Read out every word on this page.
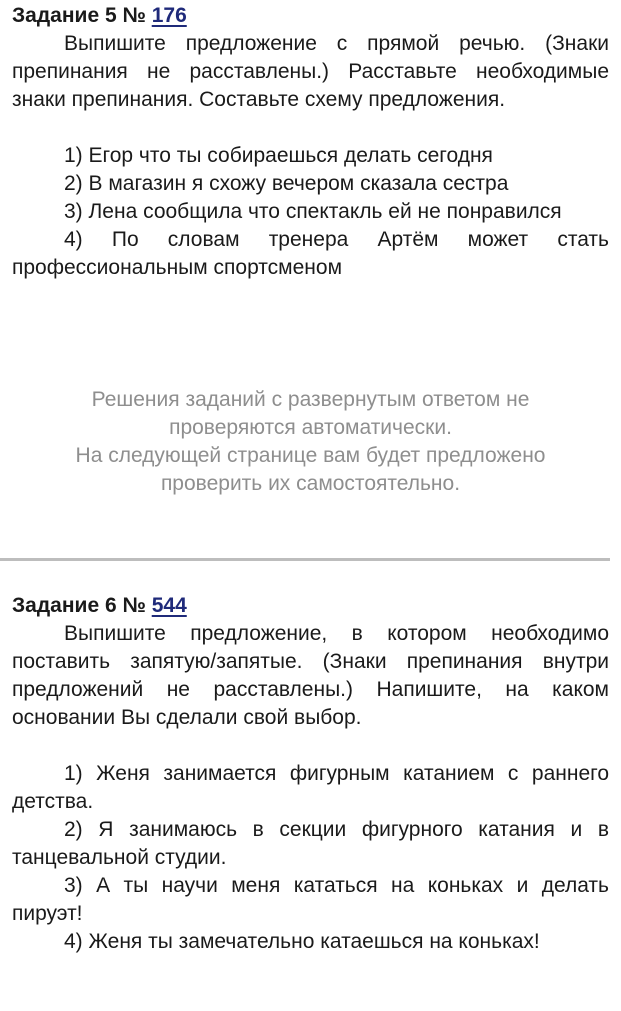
Задание 5 № 176

Выпишите предложение с прямой речью. (Знаки препинания не расставлены.) Расставьте необходимые знаки препинания. Составьте схему предложения.

1) Егор что ты собираешься делать сегодня

2) В магазин я схожу вечером сказала сестра

3) Лена сообщила что спектакль ей не понравился

4) По словам тренера Артём может стать профессиональным спортсменом

Решения заданий с развернутым ответом не проверяются автоматически.
На следующей странице вам будет предложено проверить их самостоятельно.
Задание 6 № 544

Выпишите предложение, в котором необходимо поставить запятую/запятые. (Знаки препинания внутри предложений не расставлены.) Напишите, на каком основании Вы сделали свой выбор.

1) Женя занимается фигурным катанием с раннего детства.

2) Я занимаюсь в секции фигурного катания и в танцевальной студии.

3) А ты научи меня кататься на коньках и делать пируэт!

4) Женя ты замечательно катаешься на коньках!
